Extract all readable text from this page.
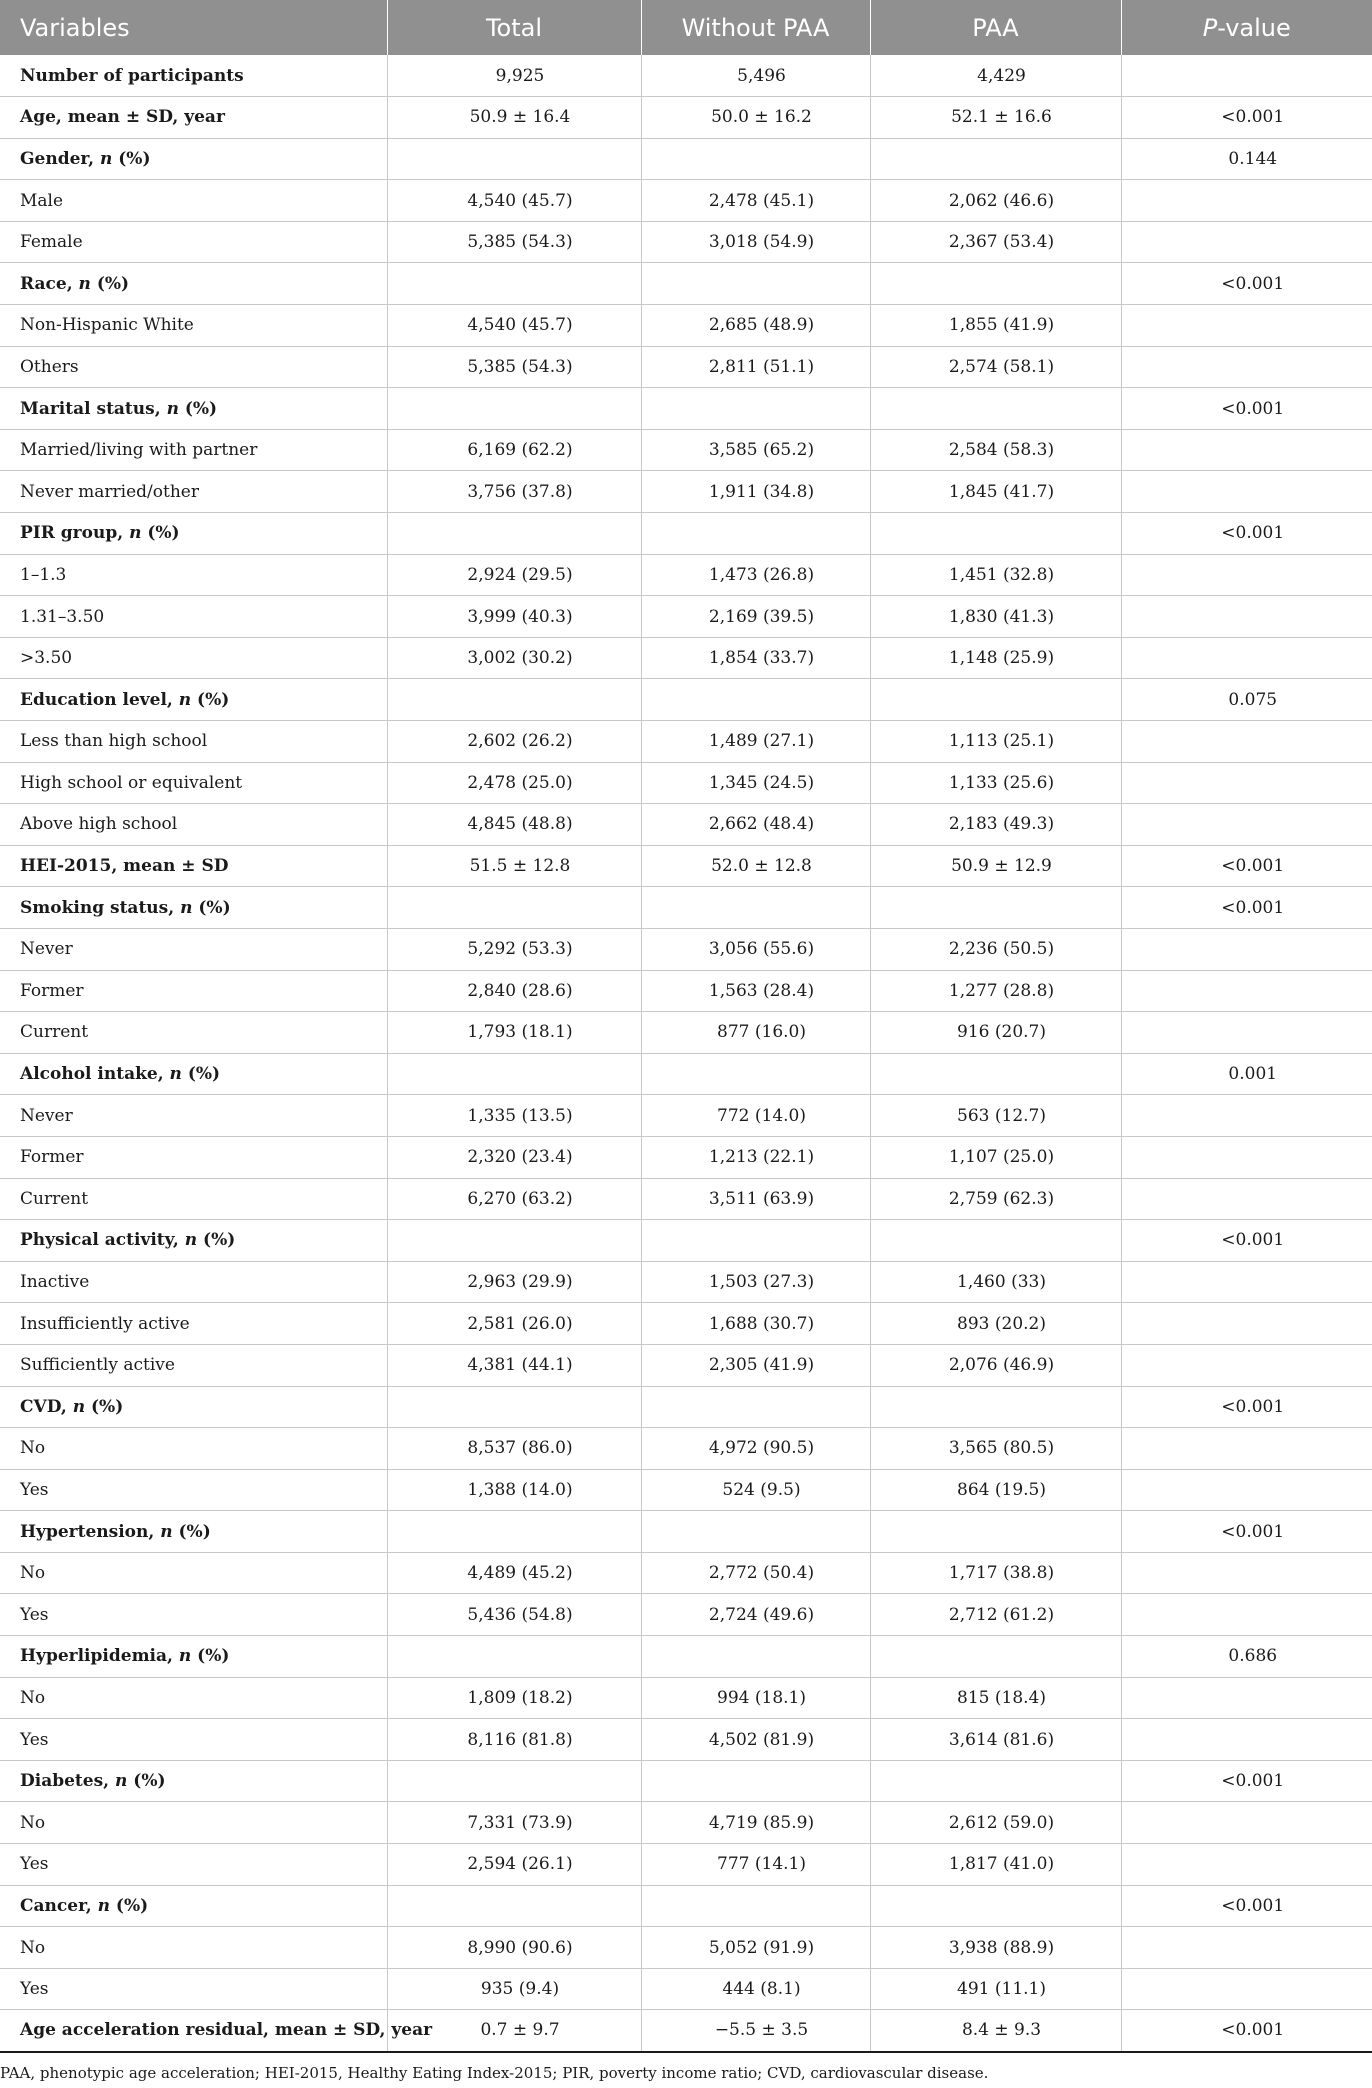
Variables	Total	Without PAA	PAA	P-value
Number of participants	9,925	5,496	4,429	
Age, mean ± SD, year	50.9 ± 16.4	50.0 ± 16.2	52.1 ± 16.6	<0.001
Gender, n (%)				0.144
Male	4,540 (45.7)	2,478 (45.1)	2,062 (46.6)	
Female	5,385 (54.3)	3,018 (54.9)	2,367 (53.4)	
Race, n (%)				<0.001
Non-Hispanic White	4,540 (45.7)	2,685 (48.9)	1,855 (41.9)	
Others	5,385 (54.3)	2,811 (51.1)	2,574 (58.1)	
Marital status, n (%)				<0.001
Married/living with partner	6,169 (62.2)	3,585 (65.2)	2,584 (58.3)	
Never married/other	3,756 (37.8)	1,911 (34.8)	1,845 (41.7)	
PIR group, n (%)				<0.001
1–1.3	2,924 (29.5)	1,473 (26.8)	1,451 (32.8)	
1.31–3.50	3,999 (40.3)	2,169 (39.5)	1,830 (41.3)	
>3.50	3,002 (30.2)	1,854 (33.7)	1,148 (25.9)	
Education level, n (%)				0.075
Less than high school	2,602 (26.2)	1,489 (27.1)	1,113 (25.1)	
High school or equivalent	2,478 (25.0)	1,345 (24.5)	1,133 (25.6)	
Above high school	4,845 (48.8)	2,662 (48.4)	2,183 (49.3)	
HEI-2015, mean ± SD	51.5 ± 12.8	52.0 ± 12.8	50.9 ± 12.9	<0.001
Smoking status, n (%)				<0.001
Never	5,292 (53.3)	3,056 (55.6)	2,236 (50.5)	
Former	2,840 (28.6)	1,563 (28.4)	1,277 (28.8)	
Current	1,793 (18.1)	877 (16.0)	916 (20.7)	
Alcohol intake, n (%)				0.001
Never	1,335 (13.5)	772 (14.0)	563 (12.7)	
Former	2,320 (23.4)	1,213 (22.1)	1,107 (25.0)	
Current	6,270 (63.2)	3,511 (63.9)	2,759 (62.3)	
Physical activity, n (%)				<0.001
Inactive	2,963 (29.9)	1,503 (27.3)	1,460 (33)	
Insufficiently active	2,581 (26.0)	1,688 (30.7)	893 (20.2)	
Sufficiently active	4,381 (44.1)	2,305 (41.9)	2,076 (46.9)	
CVD, n (%)				<0.001
No	8,537 (86.0)	4,972 (90.5)	3,565 (80.5)	
Yes	1,388 (14.0)	524 (9.5)	864 (19.5)	
Hypertension, n (%)				<0.001
No	4,489 (45.2)	2,772 (50.4)	1,717 (38.8)	
Yes	5,436 (54.8)	2,724 (49.6)	2,712 (61.2)	
Hyperlipidemia, n (%)				0.686
No	1,809 (18.2)	994 (18.1)	815 (18.4)	
Yes	8,116 (81.8)	4,502 (81.9)	3,614 (81.6)	
Diabetes, n (%)				<0.001
No	7,331 (73.9)	4,719 (85.9)	2,612 (59.0)	
Yes	2,594 (26.1)	777 (14.1)	1,817 (41.0)	
Cancer, n (%)				<0.001
No	8,990 (90.6)	5,052 (91.9)	3,938 (88.9)	
Yes	935 (9.4)	444 (8.1)	491 (11.1)	
Age acceleration residual, mean ± SD, year	0.7 ± 9.7	−5.5 ± 3.5	8.4 ± 9.3	<0.001
PAA, phenotypic age acceleration; HEI-2015, Healthy Eating Index-2015; PIR, poverty income ratio; CVD, cardiovascular disease.
